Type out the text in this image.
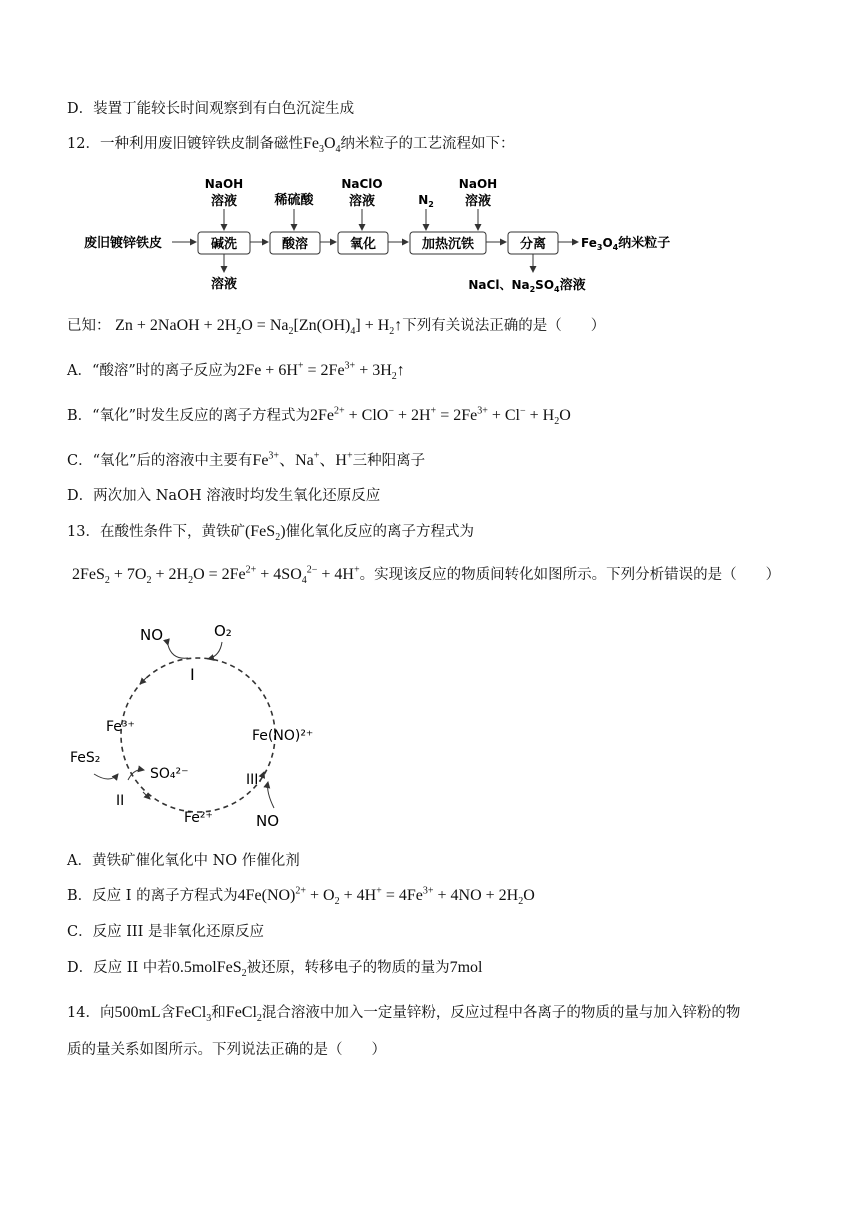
D．装置丁能较长时间观察到有白色沉淀生成
12．一种利用废旧镀锌铁皮制备磁性$Fe_3O_4$纳米粒子的工艺流程如下：
NaOH
溶液	稀硫酸
NaClO
溶液	$N_2$
NaOH
溶液
废旧镀锌铁皮	碱洗	酸溶	氧化	加热沉铁	分离	$Fe_3O_4$纳米粒子
溶液	NaCl、$Na_2SO_4$溶液
已知： Zn + 2NaOH + $2H_2O = Na_2[Zn(OH)_4]$ + $H_2↑$下列有关说法正确的是（　　）
A．“酸溶”时的离子反应为$2Fe + 6H^+ = 2Fe^{3+}$ + $3H_2↑$
B．“氧化”时发生反应的离子方程式为$2Fe^{2+} + ClO^- + 2H^+ = 2Fe^{3+} + Cl^- + H_2O$
C．“氧化”后的溶液中主要有$Fe^{3+}$、Na+、H+三种阳离子
D．两次加入 NaOH 溶液时均发生氧化还原反应
13．在酸性条件下，黄铁矿(FeS$_2$)催化氧化反应的离子方程式为
$2FeS_2 + 7O_2 + 2H_2O = 2Fe^{2+} + 4SO_4^{2-} + 4H^+$。实现该反应的物质间转化如图所示。下列分析错误的是（　　）
NO	O₂
I
Fe³⁺
Fe(NO)²⁺
FeS₂
SO₄²⁻
II
III
Fe²⁺	NO
A．黄铁矿催化氧化中 NO 作催化剂
B．反应 I 的离子方程式为$4Fe(NO)^{2+} + O_2 + 4H^+ = 4Fe^{3+} + 4NO + 2H_2O$
C．反应 III 是非氧化还原反应
D．反应 II 中若0.5molFeS$_2$被还原，转移电子的物质的量为7mol
14．向500mL含FeCl$_3$和FeCl$_2$混合溶液中加入一定量锌粉，反应过程中各离子的物质的量与加入锌粉的物
质的量关系如图所示。下列说法正确的是（　　）
